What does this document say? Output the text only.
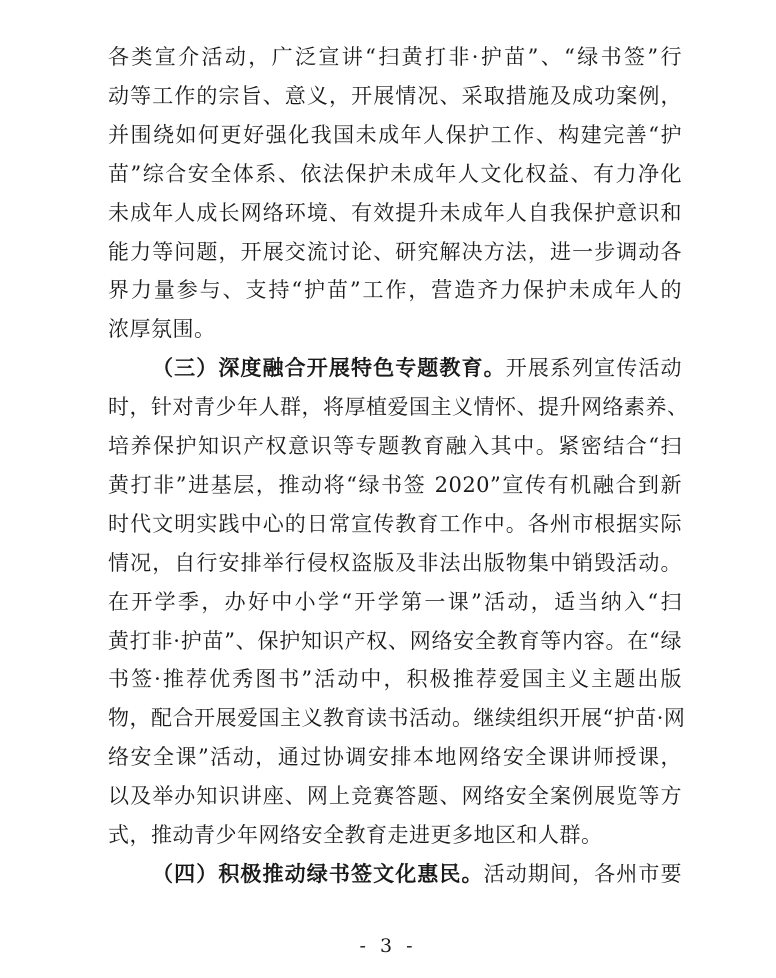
各类宣介活动，广泛宣讲“扫黄打非·护苗”、“绿书签”行
动等工作的宗旨、意义，开展情况、采取措施及成功案例，
并围绕如何更好强化我国未成年人保护工作、构建完善“护
苗”综合安全体系、依法保护未成年人文化权益、有力净化
未成年人成长网络环境、有效提升未成年人自我保护意识和
能力等问题，开展交流讨论、研究解决方法，进一步调动各
界力量参与、支持“护苗”工作，营造齐力保护未成年人的
浓厚氛围。
（三）深度融合开展特色专题教育。开展系列宣传活动
时，针对青少年人群，将厚植爱国主义情怀、提升网络素养、
培养保护知识产权意识等专题教育融入其中。紧密结合“扫
黄打非”进基层，推动将“绿书签 2020”宣传有机融合到新
时代文明实践中心的日常宣传教育工作中。各州市根据实际
情况，自行安排举行侵权盗版及非法出版物集中销毁活动。
在开学季，办好中小学“开学第一课”活动，适当纳入“扫
黄打非·护苗”、保护知识产权、网络安全教育等内容。在“绿
书签·推荐优秀图书”活动中，积极推荐爱国主义主题出版
物，配合开展爱国主义教育读书活动。继续组织开展“护苗·网
络安全课”活动，通过协调安排本地网络安全课讲师授课，
以及举办知识讲座、网上竞赛答题、网络安全案例展览等方
式，推动青少年网络安全教育走进更多地区和人群。
（四）积极推动绿书签文化惠民。活动期间，各州市要
- 3 -
